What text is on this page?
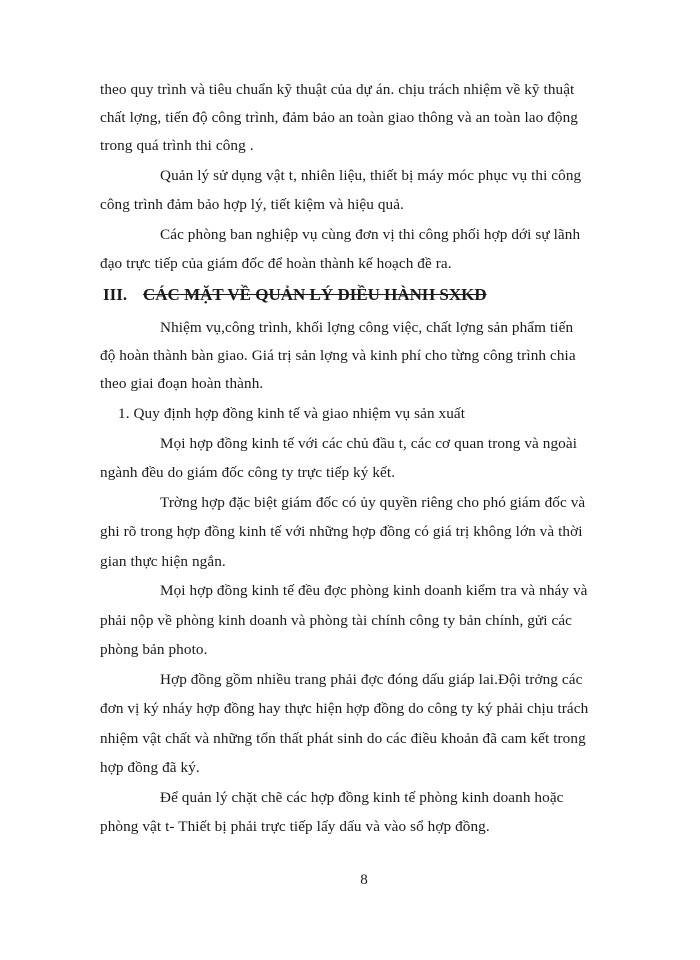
theo quy trình và tiêu chuẩn kỹ thuật của dự án. chịu trách nhiệm về kỹ thuật
chất lợng, tiến độ công trình, đảm bảo an toàn giao thông và an toàn lao động
trong quá trình thi công .
Quản lý sử dụng vật t, nhiên liệu, thiết bị máy móc phục vụ thi công
công trình đảm bảo hợp lý, tiết kiệm và hiệu quả.
Các phòng ban nghiệp vụ cùng đơn vị thi công phối hợp dới sự lãnh
đạo trực tiếp của giám đốc để hoàn thành kế hoạch đề ra.
III. CÁC MẶT VỀ QUẢN LÝ ĐIỀU HÀNH SXKD
Nhiệm vụ,công trình, khối lợng công việc, chất lợng sản phẩm tiến
độ hoàn thành bàn giao. Giá trị sản lợng và kinh phí cho từng công trình chia
theo giai đoạn hoàn thành.
1. Quy định hợp đồng kinh tế và giao nhiệm vụ sản xuất
Mọi hợp đồng kinh tế với các chủ đầu t, các cơ quan trong và ngoài
ngành đều do giám đốc công ty trực tiếp ký kết.
Trờng hợp đặc biệt giám đốc có ủy quyền riêng cho phó giám đốc và
ghi rõ trong hợp đồng kinh tế với những hợp đồng có giá trị không lớn và thời
gian thực hiện ngắn.
Mọi hợp đồng kinh tế đều đợc phòng kinh doanh kiểm tra và nháy và
phải nộp về phòng kinh doanh và phòng tài chính công ty bản chính, gửi các
phòng bản photo.
Hợp đồng gồm nhiều trang phải đợc đóng dấu giáp lai.Đội trởng các
đơn vị ký nháy hợp đồng hay thực hiện hợp đồng do công ty ký phải chịu trách
nhiệm vật chất và những tổn thất phát sinh do các điều khoản đã cam kết trong
hợp đồng đã ký.
Để quản lý chặt chẽ các hợp đồng kinh tế phòng kinh doanh hoặc
phòng vật t- Thiết bị phải trực tiếp lấy dấu và vào sổ hợp đồng.
8
